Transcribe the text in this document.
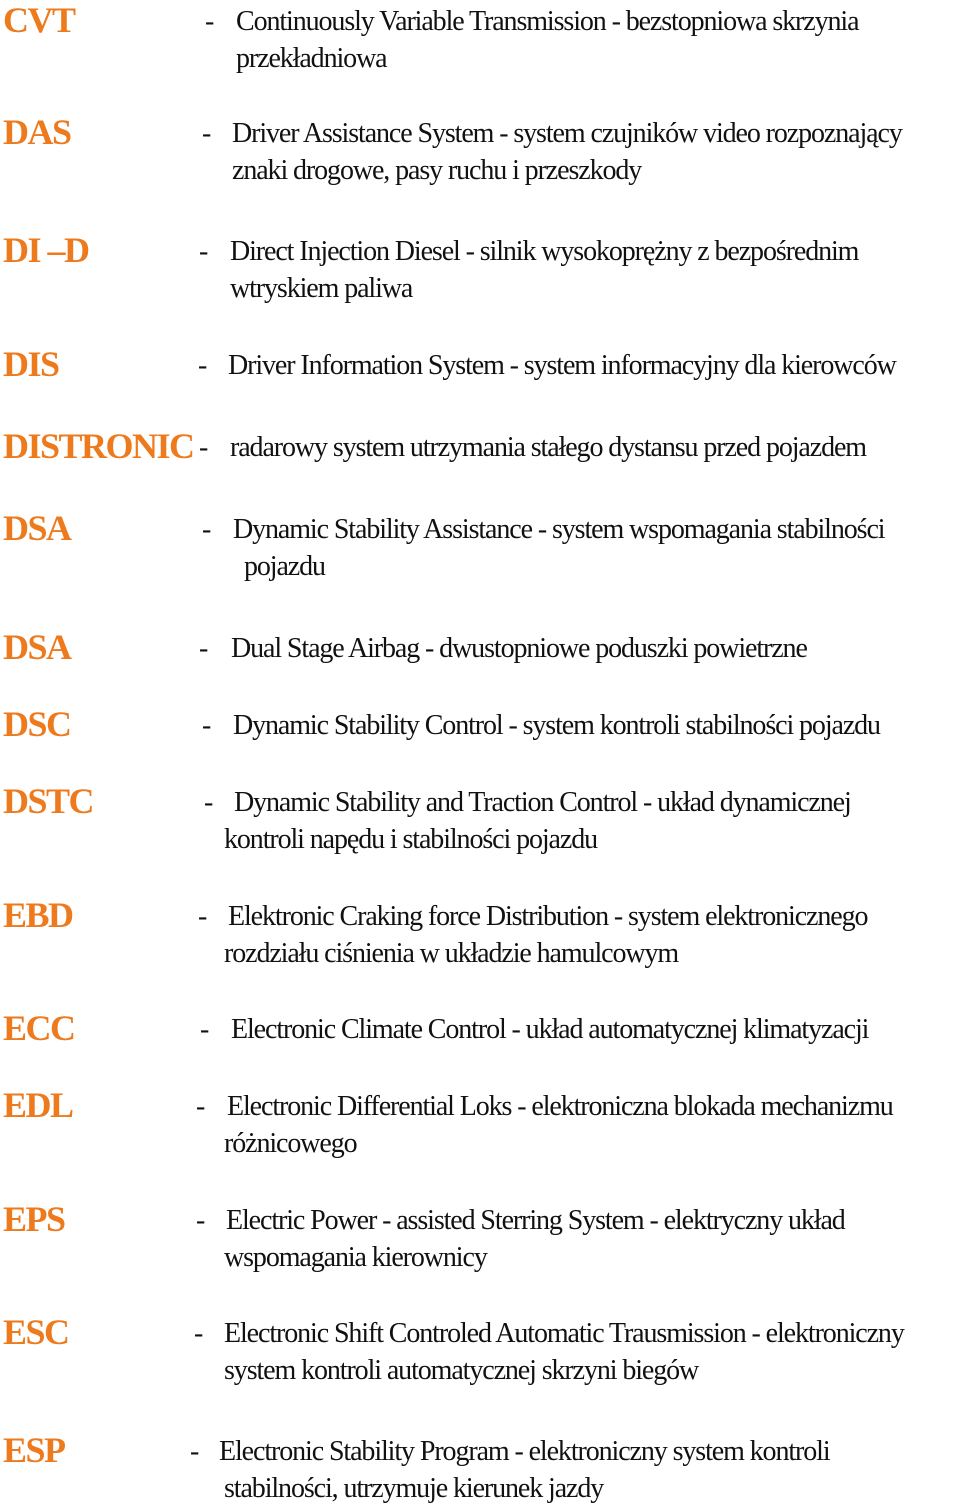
CVT	- Continuously Variable Transmission - bezstopniowa skrzynia
przekładniowa
DAS	- Driver Assistance System - system czujników video rozpoznający
znaki drogowe, pasy ruchu i przeszkody
DI –D	- Direct Injection Diesel - silnik wysokoprężny z bezpośrednim
wtryskiem paliwa
DIS	- Driver Information System - system informacyjny dla kierowców
DISTRONIC - radarowy system utrzymania stałego dystansu przed pojazdem
DSA	- Dynamic Stability Assistance - system wspomagania stabilności
pojazdu
DSA	- Dual Stage Airbag - dwustopniowe poduszki powietrzne
DSC	- Dynamic Stability Control - system kontroli stabilności pojazdu
DSTC	- Dynamic Stability and Traction Control - układ dynamicznej
kontroli napędu i stabilności pojazdu
EBD	- Elektronic Craking force Distribution - system elektronicznego
rozdziału ciśnienia w układzie hamulcowym
ECC	- Electronic Climate Control - układ automatycznej klimatyzacji
EDL	- Electronic Differential Loks - elektroniczna blokada mechanizmu
różnicowego
EPS	- Electric Power - assisted Sterring System - elektryczny układ
wspomagania kierownicy
ESC	- Electronic Shift Controled Automatic Trausmission - elektroniczny
system kontroli automatycznej skrzyni biegów
ESP	- Electronic Stability Program - elektroniczny system kontroli
stabilności, utrzymuje kierunek jazdy
